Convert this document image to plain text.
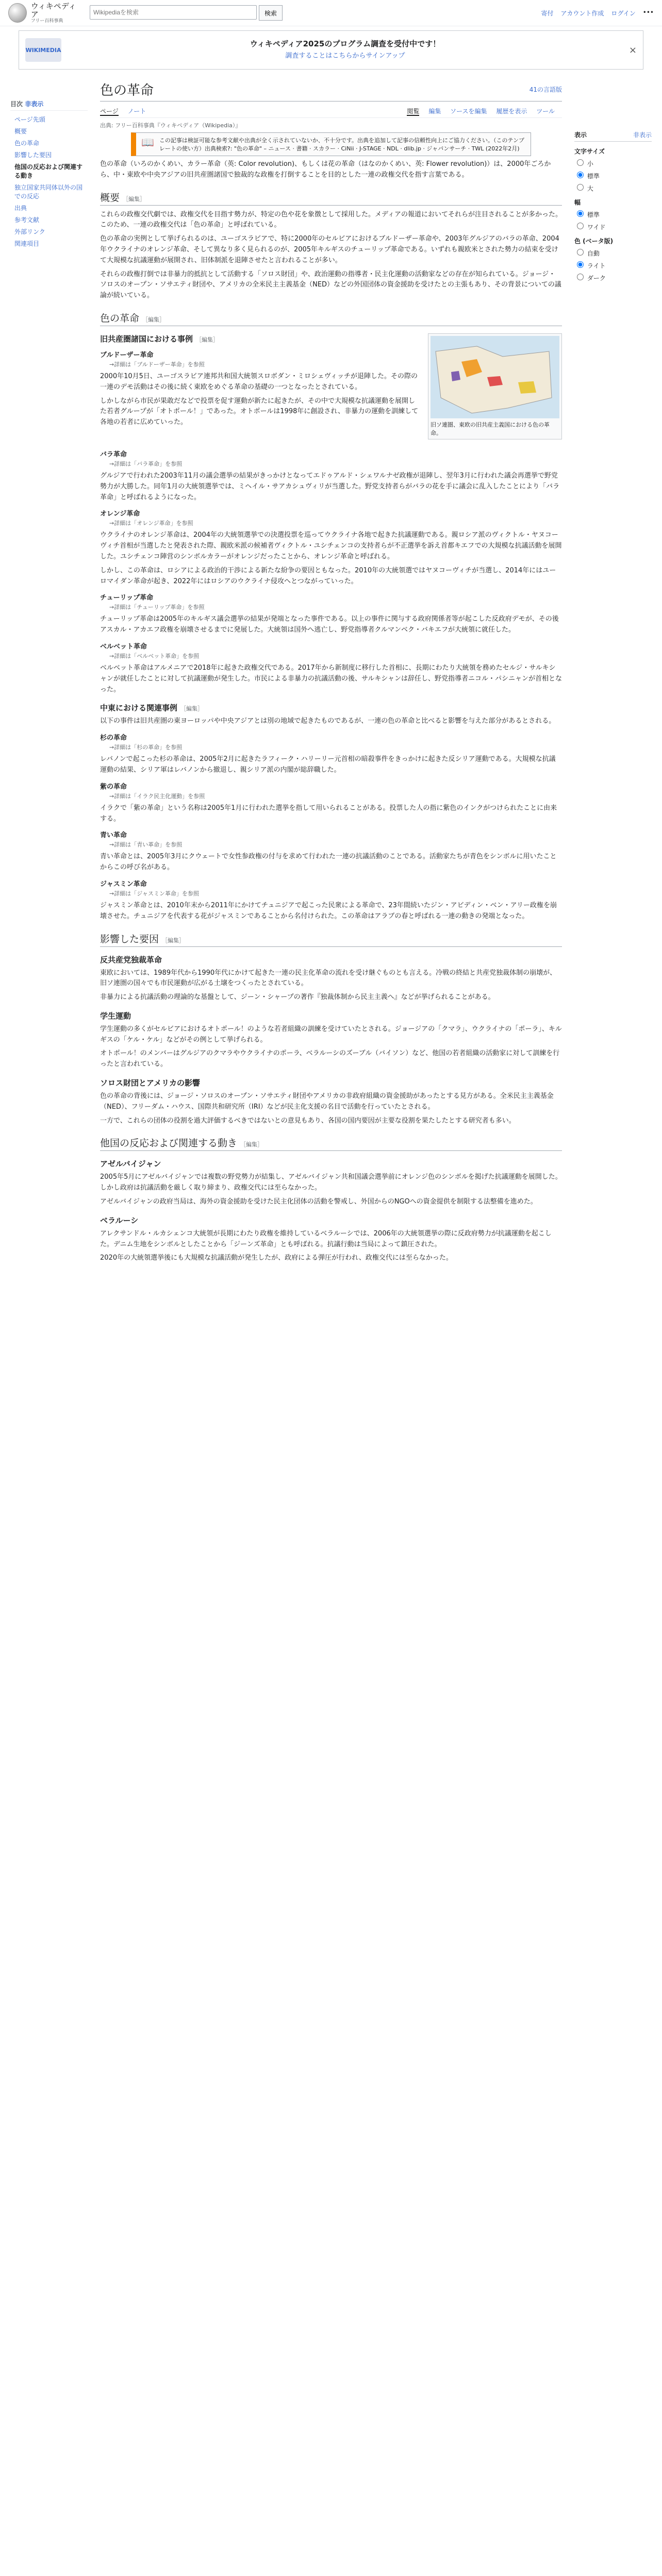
ウィキペディア
フリー百科事典
Wikipediaを検索
検索	寄付 アカウント作成 ログイン •••
WIKIMEDIA
ウィキペディア2025のプログラム調査を受付中です！

調査することはこちらからサインアップ

×
目次 非表示
ページ先頭
概要
色の革命
影響した要因
他国の反応および関連する動き
独立国家共同体以外の国での反応
出典
参考文献
外部リンク
関連項目
色の革命	41の言語版
ページ ノート	閲覧 編集 ソースを編集 履歴を表示 ツール
出典: フリー百科事典『ウィキペディア（Wikipedia）』
📖 この記事は検証可能な参考文献や出典が全く示されていないか、不十分です。出典を追加して記事の信頼性向上にご協力ください。（このテンプレートの使い方）出典検索?: "色の革命" – ニュース · 書籍 · スカラー · CiNii · J-STAGE · NDL · dlib.jp · ジャパンサーチ · TWL (2022年2月)

色の革命（いろのかくめい、カラー革命（英: Color revolution)、もしくは花の革命（はなのかくめい、英: Flower revolution)）は、2000年ごろから、中・東欧や中央アジアの旧共産圏諸国で独裁的な政権を打倒することを目的とした一連の政権交代を指す言葉である。

概要 ［編集］

これらの政権交代劇では、政権交代を目指す勢力が、特定の色や花を象徴として採用した。メディアの報道においてそれらが注目されることが多かった。このため、一連の政権交代は「色の革命」と呼ばれている。

色の革命の実例として挙げられるのは、ユーゴスラビアで、特に2000年のセルビアにおけるブルドーザー革命や、2003年グルジアのバラの革命、2004年ウクライナのオレンジ革命、そして異なり多く見られるのが、2005年キルギスのチューリップ革命である。いずれも親欧米とされた勢力の結束を受けて大規模な抗議運動が展開され、旧体制派を退陣させたと言われることが多い。

それらの政権打倒では非暴力的抵抗として活動する「ソロス財団」や、政治運動の指導者・民主化運動の活動家などの存在が知られている。ジョージ・ソロスのオープン・ソサエティ財団や、アメリカの全米民主主義基金（NED）などの外国団体の資金援助を受けたとの主張もあり、その背景についての議論が続いている。

色の革命 ［編集］
旧ソ連圏、東欧の旧共産主義国における色の革命。
旧共産圏諸国における事例 ［編集］
ブルドーザー革命
→詳細は「ブルドーザー革命」を参照

2000年10月5日、ユーゴスラビア連邦共和国大統領スロボダン・ミロシェヴィッチが退陣した。その際の一連のデモ活動はその後に続く東欧をめぐる革命の基礎の一つとなったとされている。

しかしながら市民が果敢だなどで投票を促す運動が新たに起きたが、その中で大規模な抗議運動を展開した若者グループが「オトポール！」であった。オトポールは1998年に創設され、非暴力の運動を訓練して各地の若者に広めていった。

バラ革命
→詳細は「バラ革命」を参照

グルジアで行われた2003年11月の議会選挙の結果がきっかけとなってエドゥアルド・シェワルナゼ政権が退陣し、翌年3月に行われた議会再選挙で野党勢力が大勝した。同年1月の大統領選挙では、ミヘイル・サアカシュヴィリが当選した。野党支持者らがバラの花を手に議会に乱入したことにより「バラ革命」と呼ばれるようになった。

オレンジ革命
→詳細は「オレンジ革命」を参照

ウクライナのオレンジ革命は、2004年の大統領選挙での決選投票を巡ってウクライナ各地で起きた抗議運動である。親ロシア派のヴィクトル・ヤヌコーヴィチ首相が当選したと発表された際、親欧米派の候補者ヴィクトル・ユシチェンコの支持者らが不正選挙を訴え首都キエフでの大規模な抗議活動を展開した。ユシチェンコ陣営のシンボルカラーがオレンジだったことから、オレンジ革命と呼ばれる。

しかし、この革命は、ロシアによる政治的干渉による新たな紛争の要因ともなった。2010年の大統領選ではヤヌコーヴィチが当選し、2014年にはユーロマイダン革命が起き、2022年にはロシアのウクライナ侵攻へとつながっていった。

チューリップ革命
→詳細は「チューリップ革命」を参照

チューリップ革命は2005年のキルギス議会選挙の結果が発端となった事件である。以上の事件に関与する政府関係者等が起こした反政府デモが、その後アスカル・アカエフ政権を崩壊させるまでに発展した。大統領は国外へ逃亡し、野党指導者クルマンベク・バキエフが大統領に就任した。

ベルベット革命
→詳細は「ベルベット革命」を参照

ベルベット革命はアルメニアで2018年に起きた政権交代である。2017年から新制度に移行した首相に、長期にわたり大統領を務めたセルジ・サルキシャンが就任したことに対して抗議運動が発生した。市民による非暴力の抗議活動の後、サルキシャンは辞任し、野党指導者ニコル・パシニャンが首相となった。

中東における関連事例 ［編集］

以下の事件は旧共産圏の東ヨーロッパや中央アジアとは別の地域で起きたものであるが、一連の色の革命と比べると影響を与えた部分があるとされる。

杉の革命
→詳細は「杉の革命」を参照

レバノンで起こった杉の革命は、2005年2月に起きたラフィーク・ハリーリー元首相の暗殺事件をきっかけに起きた反シリア運動である。大規模な抗議運動の結果、シリア軍はレバノンから撤退し、親シリア派の内閣が総辞職した。

紫の革命
→詳細は「イラク民主化運動」を参照

イラクで「紫の革命」という名称は2005年1月に行われた選挙を指して用いられることがある。投票した人の指に紫色のインクがつけられたことに由来する。

青い革命
→詳細は「青い革命」を参照

青い革命とは、2005年3月にクウェートで女性参政権の付与を求めて行われた一連の抗議活動のことである。活動家たちが青色をシンボルに用いたことからこの呼び名がある。

ジャスミン革命
→詳細は「ジャスミン革命」を参照

ジャスミン革命とは、2010年末から2011年にかけてチュニジアで起こった民衆による革命で、23年間続いたジン・アビディン・ベン・アリー政権を崩壊させた。チュニジアを代表する花がジャスミンであることから名付けられた。この革命はアラブの春と呼ばれる一連の動きの発端となった。

影響した要因 ［編集］
反共産党独裁革命

東欧においては、1989年代から1990年代にかけて起きた一連の民主化革命の流れを受け継ぐものとも言える。冷戦の終結と共産党独裁体制の崩壊が、旧ソ連圏の国々でも市民運動が広がる土壌をつくったとされている。

非暴力による抗議活動の理論的な基盤として、ジーン・シャープの著作『独裁体制から民主主義へ』などが挙げられることがある。

学生運動

学生運動の多くがセルビアにおけるオトポール！のような若者組織の訓練を受けていたとされる。ジョージアの「クマラ」、ウクライナの「ポーラ」、キルギスの「ケル・ケル」などがその例として挙げられる。

オトポール！のメンバーはグルジアのクマラやウクライナのポーラ、ベラルーシのズーブル（バイソン）など、他国の若者組織の活動家に対して訓練を行ったと言われている。

ソロス財団とアメリカの影響

色の革命の背後には、ジョージ・ソロスのオープン・ソサエティ財団やアメリカの非政府組織の資金援助があったとする見方がある。全米民主主義基金（NED）、フリーダム・ハウス、国際共和研究所（IRI）などが民主化支援の名目で活動を行っていたとされる。

一方で、これらの団体の役割を過大評価するべきではないとの意見もあり、各国の国内要因が主要な役割を果たしたとする研究者も多い。

他国の反応および関連する動き ［編集］
アゼルバイジャン

2005年5月にアゼルバイジャンでは複数の野党勢力が結集し、アゼルバイジャン共和国議会選挙前にオレンジ色のシンボルを掲げた抗議運動を展開した。しかし政府は抗議活動を厳しく取り締まり、政権交代には至らなかった。

アゼルバイジャンの政府当局は、海外の資金援助を受けた民主化団体の活動を警戒し、外国からのNGOへの資金提供を制限する法整備を進めた。

ベラルーシ

アレクサンドル・ルカシェンコ大統領が長期にわたり政権を維持しているベラルーシでは、2006年の大統領選挙の際に反政府勢力が抗議運動を起こした。デニム生地をシンボルとしたことから「ジーンズ革命」とも呼ばれる。抗議行動は当局によって鎮圧された。

2020年の大統領選挙後にも大規模な抗議活動が発生したが、政府による弾圧が行われ、政権交代には至らなかった。

表示	非表示
文字サイズ
小
標準
大
幅
標準
ワイド
色 (ベータ版)
自動
ライト
ダーク
